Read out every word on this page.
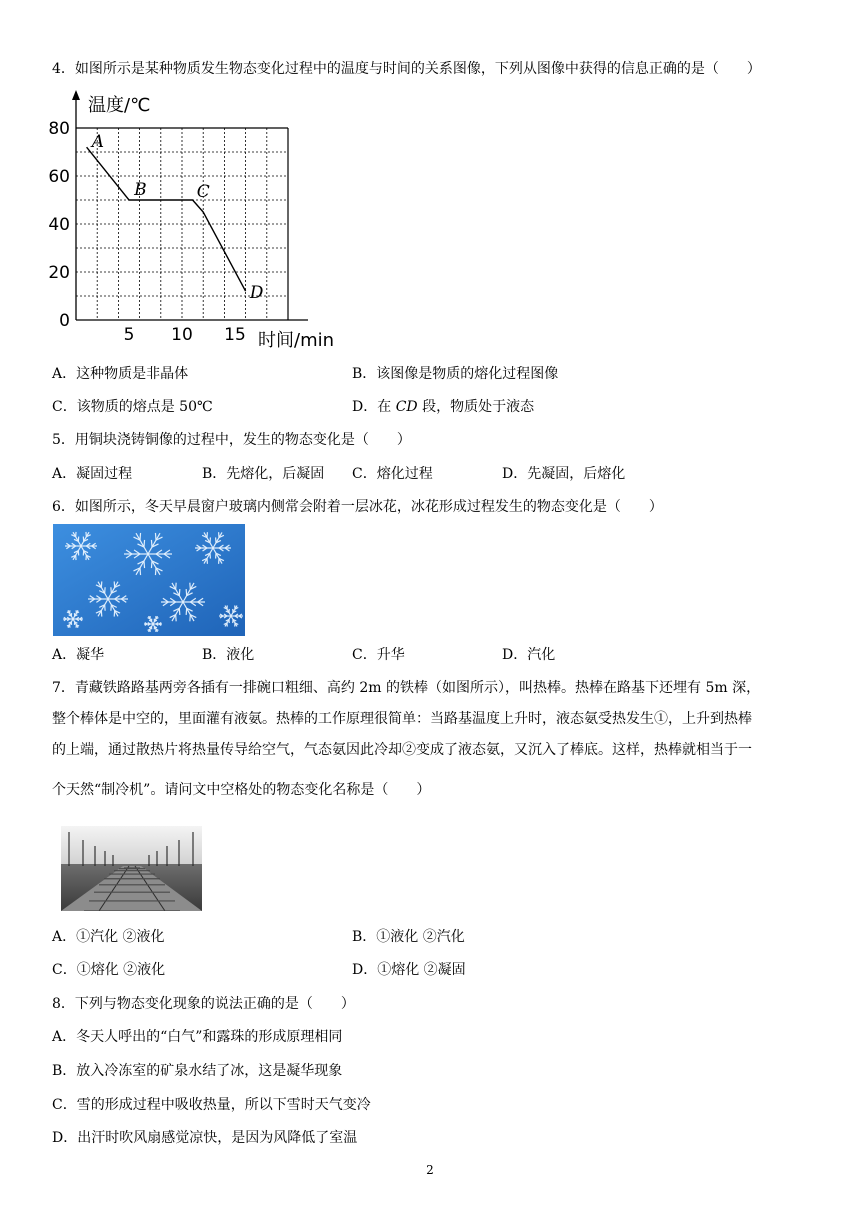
4．如图所示是某种物质发生物态变化过程中的温度与时间的关系图像，下列从图像中获得的信息正确的是（　　）
0
20
40
60
80
5 10 15
A
B	C
D
温度/℃
时间/min
A．这种物质是非晶体	B．该图像是物质的熔化过程图像
C．该物质的熔点是 50℃	D．在 CD 段，物质处于液态
5．用铜块浇铸铜像的过程中，发生的物态变化是（　　）
A．凝固过程	B．先熔化，后凝固 C．熔化过程	D．先凝固，后熔化
6．如图所示，冬天早晨窗户玻璃内侧常会附着一层冰花，冰花形成过程发生的物态变化是（　　）
A．凝华	B．液化	C．升华	D．汽化
7．青藏铁路路基两旁各插有一排碗口粗细、高约 2m 的铁棒（如图所示），叫热棒。热棒在路基下还埋有 5m 深，
整个棒体是中空的，里面灌有液氨。热棒的工作原理很简单：当路基温度上升时，液态氨受热发生①，上升到热棒
的上端，通过散热片将热量传导给空气，气态氨因此冷却②变成了液态氨，又沉入了棒底。这样，热棒就相当于一
个天然“制冷机”。请问文中空格处的物态变化名称是（　　）
A．①汽化 ②液化	B．①液化 ②汽化
C．①熔化 ②液化	D．①熔化 ②凝固
8．下列与物态变化现象的说法正确的是（　　）
A．冬天人呼出的“白气”和露珠的形成原理相同
B．放入冷冻室的矿泉水结了冰，这是凝华现象
C．雪的形成过程中吸收热量，所以下雪时天气变冷
D．出汗时吹风扇感觉凉快，是因为风降低了室温
2
